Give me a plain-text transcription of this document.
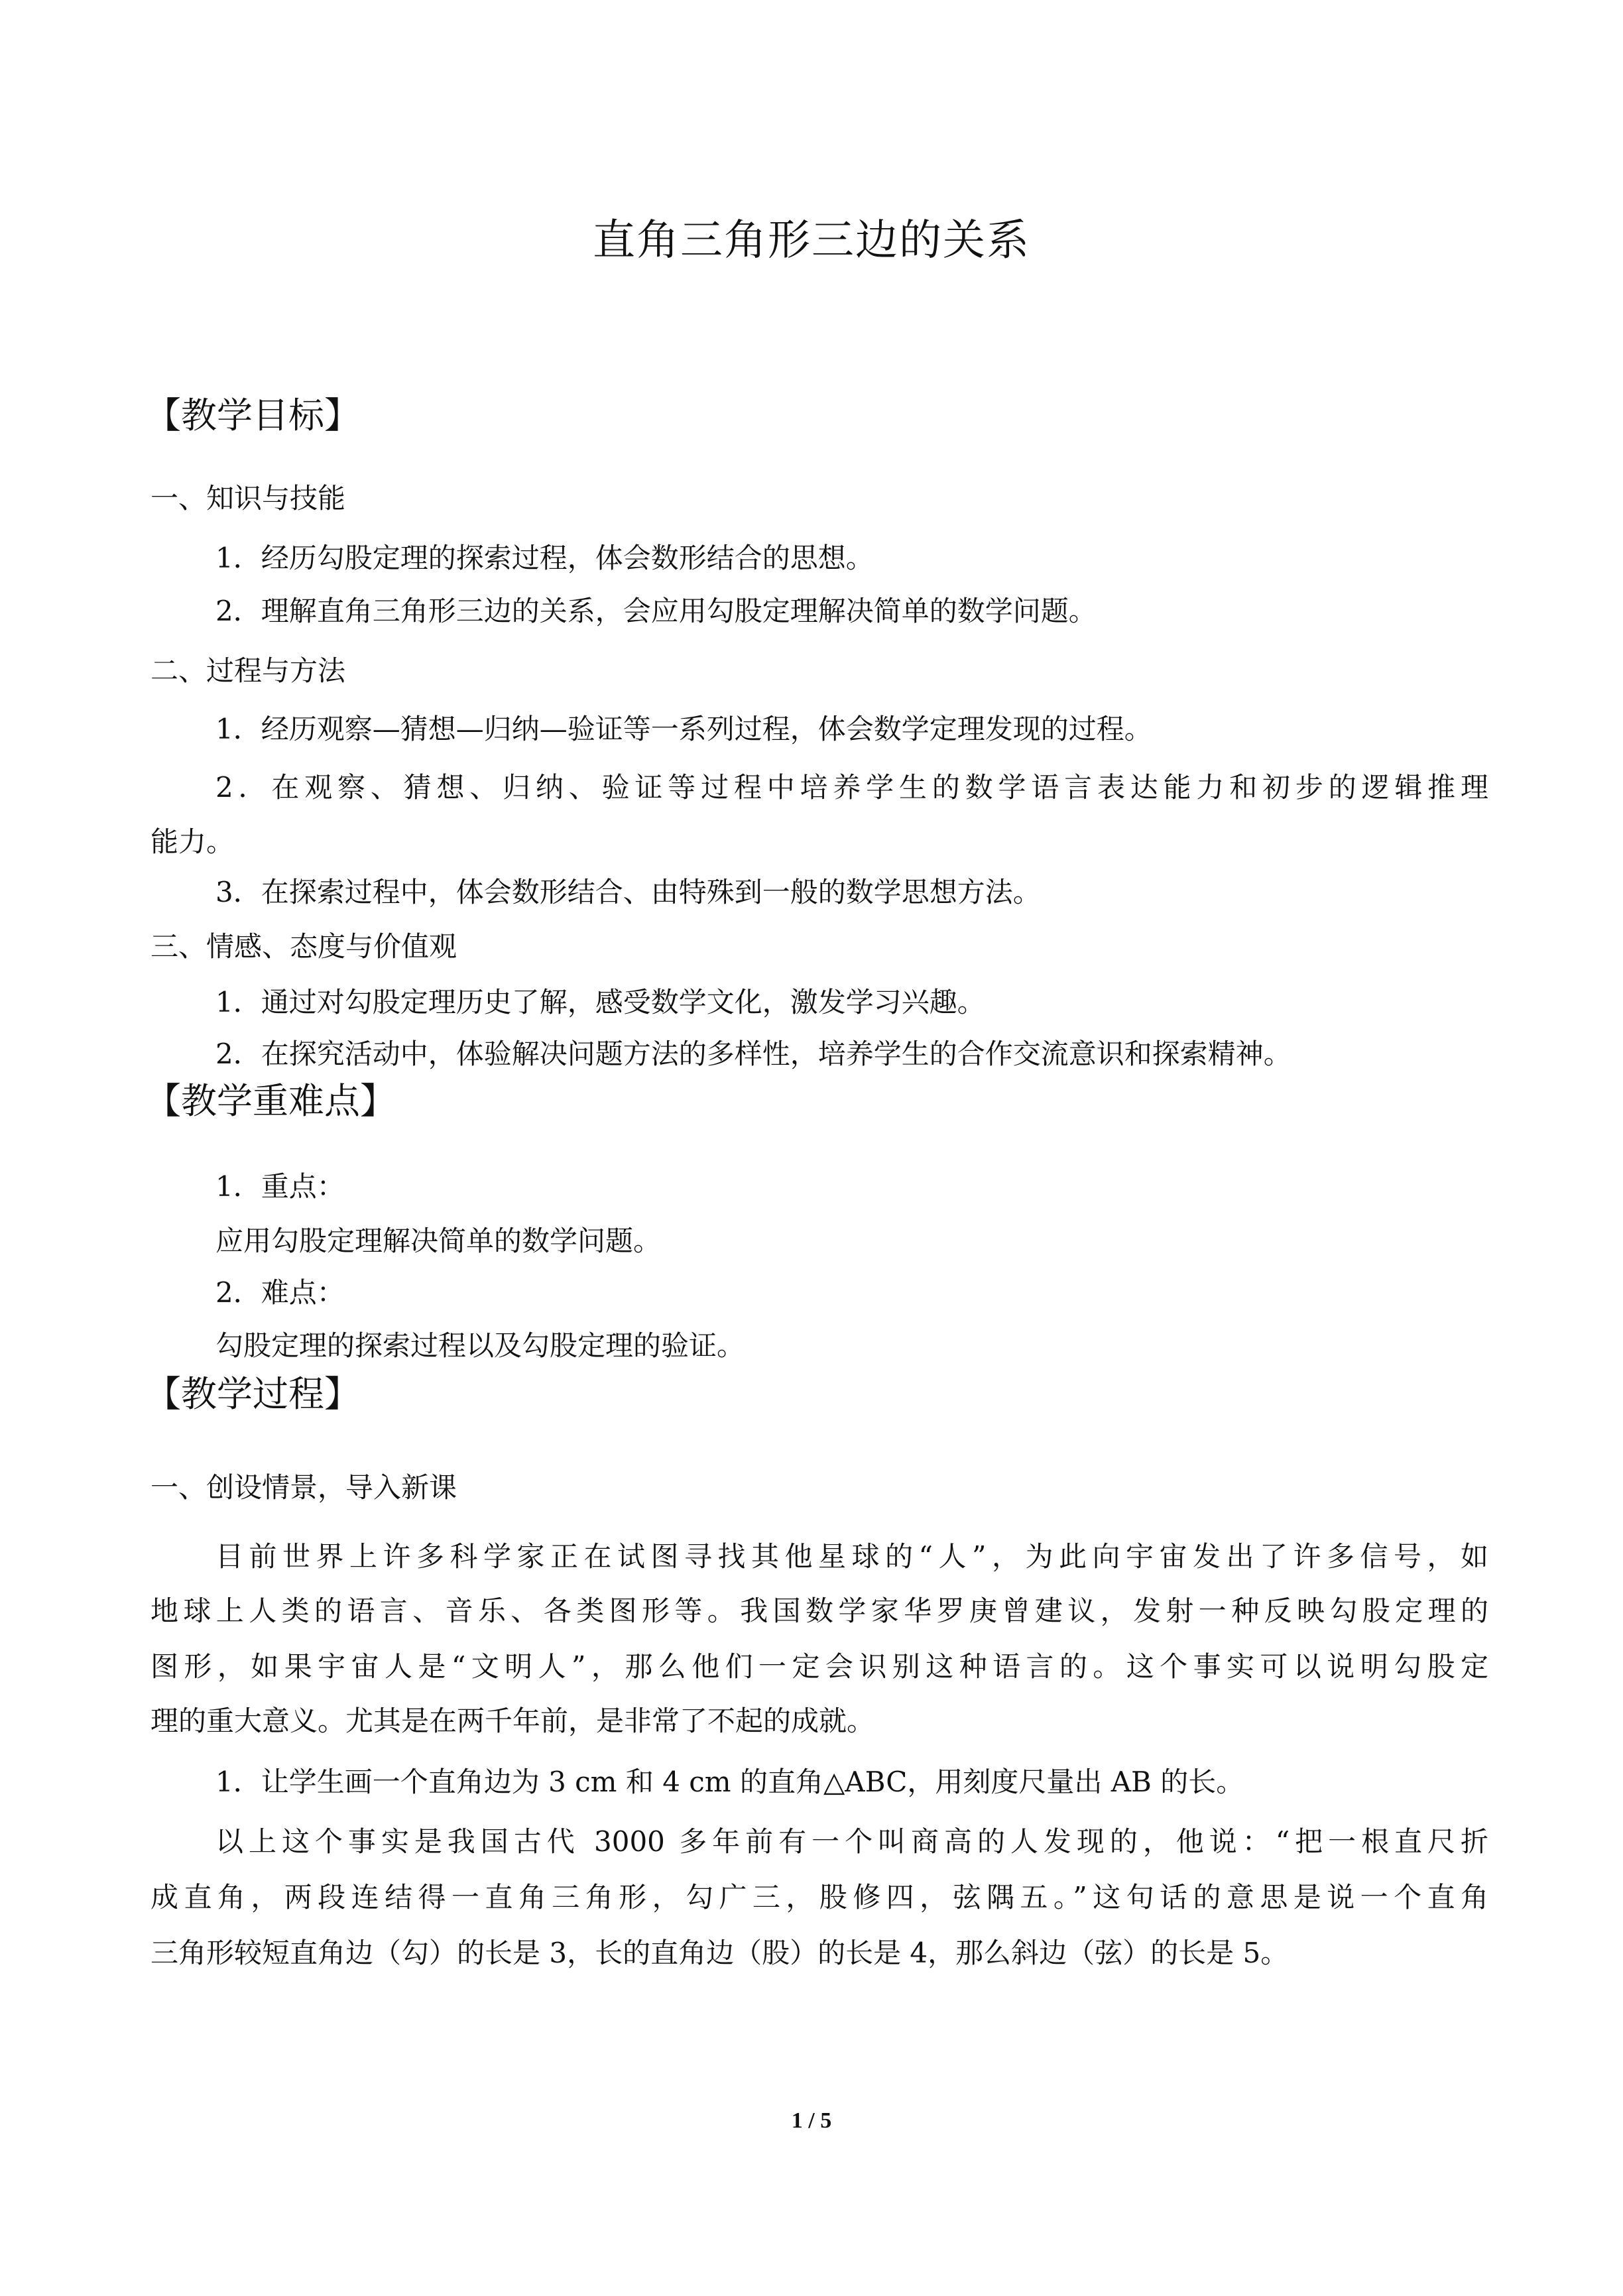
直角三角形三边的关系
【教学目标】
一、知识与技能
1．经历勾股定理的探索过程，体会数形结合的思想。
2．理解直角三角形三边的关系，会应用勾股定理解决简单的数学问题。
二、过程与方法
1．经历观察—猜想—归纳—验证等一系列过程，体会数学定理发现的过程。
2．在观察、猜想、归纳、验证等过程中培养学生的数学语言表达能力和初步的逻辑推理
能力。
3．在探索过程中，体会数形结合、由特殊到一般的数学思想方法。
三、情感、态度与价值观
1．通过对勾股定理历史了解，感受数学文化，激发学习兴趣。
2．在探究活动中，体验解决问题方法的多样性，培养学生的合作交流意识和探索精神。
【教学重难点】
1．重点：
应用勾股定理解决简单的数学问题。
2．难点：
勾股定理的探索过程以及勾股定理的验证。
【教学过程】
一、创设情景，导入新课
目前世界上许多科学家正在试图寻找其他星球的“人”，为此向宇宙发出了许多信号，如
地球上人类的语言、音乐、各类图形等。我国数学家华罗庚曾建议，发射一种反映勾股定理的
图形，如果宇宙人是“文明人”，那么他们一定会识别这种语言的。这个事实可以说明勾股定
理的重大意义。尤其是在两千年前，是非常了不起的成就。
1．让学生画一个直角边为 3 cm 和 4 cm 的直角△ABC，用刻度尺量出 AB 的长。
以上这个事实是我国古代 3000 多年前有一个叫商高的人发现的，他说：“把一根直尺折
成直角，两段连结得一直角三角形，勾广三，股修四，弦隅五。”这句话的意思是说一个直角
三角形较短直角边（勾）的长是 3，长的直角边（股）的长是 4，那么斜边（弦）的长是 5。
1 / 5
